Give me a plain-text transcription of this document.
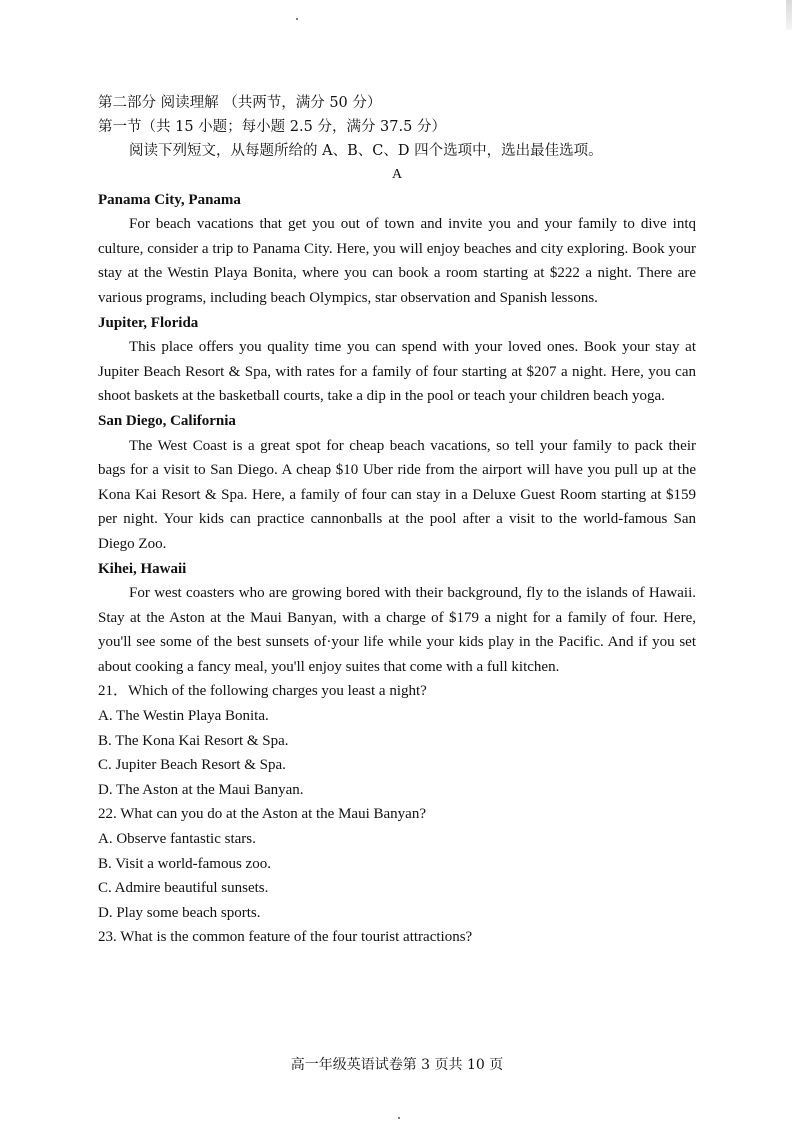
第二部分 阅读理解 （共两节，满分 50 分）

第一节（共 15 小题；每小题 2.5 分，满分 37.5 分）

阅读下列短文，从每题所给的 A、B、C、D 四个选项中，选出最佳选项。

A

Panama City, Panama

For beach vacations that get you out of town and invite you and your family to dive intq culture, consider a trip to Panama City. Here, you will enjoy beaches and city exploring. Book your stay at the Westin Playa Bonita, where you can book a room starting at $222 a night. There are various programs, including beach Olympics, star observation and Spanish lessons.

Jupiter, Florida

This place offers you quality time you can spend with your loved ones. Book your stay at Jupiter Beach Resort & Spa, with rates for a family of four starting at $207 a night. Here, you can shoot baskets at the basketball courts, take a dip in the pool or teach your children beach yoga.

San Diego, California

The West Coast is a great spot for cheap beach vacations, so tell your family to pack their bags for a visit to San Diego. A cheap $10 Uber ride from the airport will have you pull up at the Kona Kai Resort & Spa. Here, a family of four can stay in a Deluxe Guest Room starting at $159 per night. Your kids can practice cannonballs at the pool after a visit to the world-famous San Diego Zoo.

Kihei, Hawaii

For west coasters who are growing bored with their background, fly to the islands of Hawaii. Stay at the Aston at the Maui Banyan, with a charge of $179 a night for a family of four. Here, you'll see some of the best sunsets of·your life while your kids play in the Pacific. And if you set about cooking a fancy meal, you'll enjoy suites that come with a full kitchen.

21．Which of the following charges you least a night?

A. The Westin Playa Bonita.

B. The Kona Kai Resort & Spa.

C. Jupiter Beach Resort & Spa.

D. The Aston at the Maui Banyan.

22. What can you do at the Aston at the Maui Banyan?

A. Observe fantastic stars.

B. Visit a world-famous zoo.

C. Admire beautiful sunsets.

D. Play some beach sports.

23. What is the common feature of the four tourist attractions?

高一年级英语试卷第 3 页共 10 页
